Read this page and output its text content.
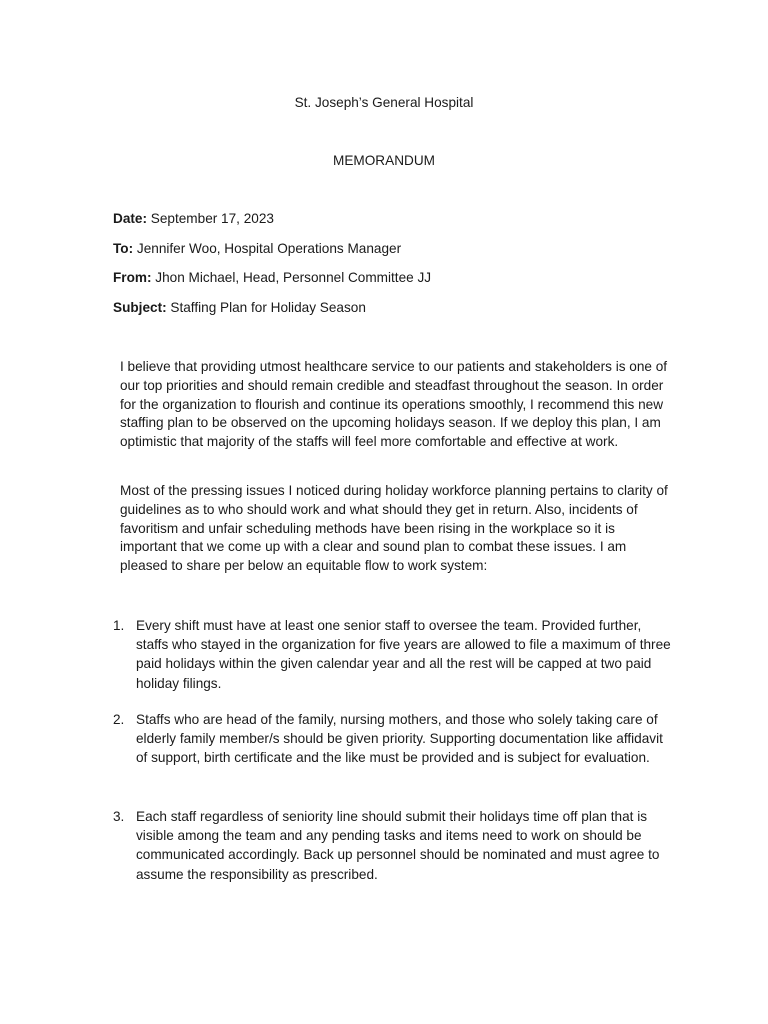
St. Joseph’s General Hospital
MEMORANDUM
Date: September 17, 2023
To: Jennifer Woo, Hospital Operations Manager
From: Jhon Michael, Head, Personnel Committee JJ
Subject: Staffing Plan for Holiday Season
I believe that providing utmost healthcare service to our patients and stakeholders is one of our top priorities and should remain credible and steadfast throughout the season. In order for the organization to flourish and continue its operations smoothly, I recommend this new staffing plan to be observed on the upcoming holidays season. If we deploy this plan, I am optimistic that majority of the staffs will feel more comfortable and effective at work.
Most of the pressing issues I noticed during holiday workforce planning pertains to clarity of guidelines as to who should work and what should they get in return. Also, incidents of favoritism and unfair scheduling methods have been rising in the workplace so it is important that we come up with a clear and sound plan to combat these issues. I am pleased to share per below an equitable flow to work system:
1. Every shift must have at least one senior staff to oversee the team. Provided further, staffs who stayed in the organization for five years are allowed to file a maximum of three paid holidays within the given calendar year and all the rest will be capped at two paid holiday filings.
2. Staffs who are head of the family, nursing mothers, and those who solely taking care of elderly family member/s should be given priority. Supporting documentation like affidavit of support, birth certificate and the like must be provided and is subject for evaluation.
3. Each staff regardless of seniority line should submit their holidays time off plan that is visible among the team and any pending tasks and items need to work on should be communicated accordingly. Back up personnel should be nominated and must agree to assume the responsibility as prescribed.
